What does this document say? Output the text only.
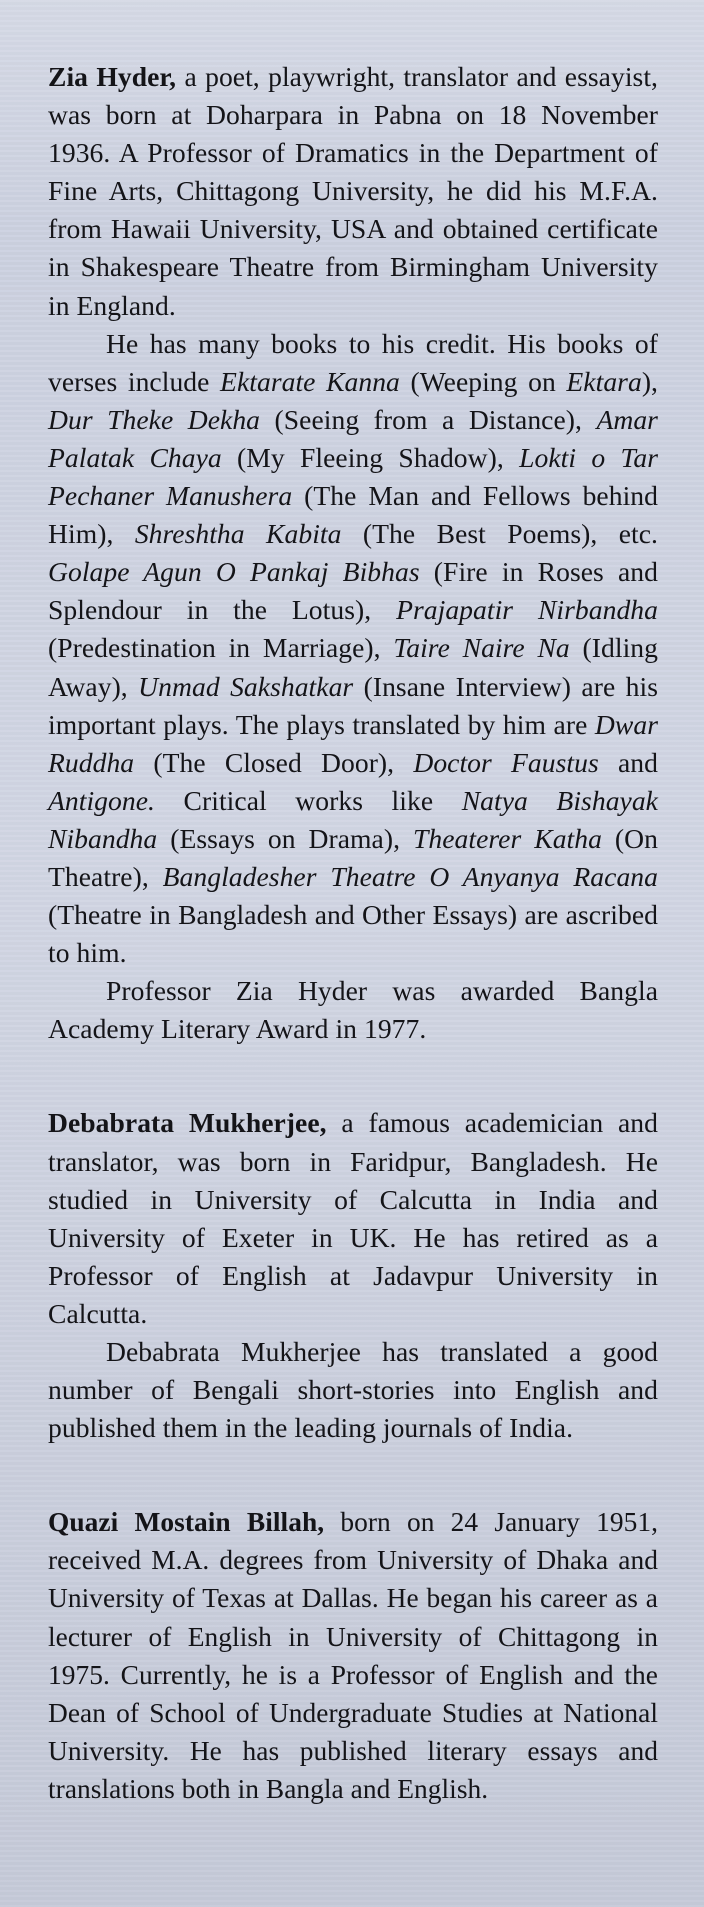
Zia Hyder, a poet, playwright, translator and essayist, was born at Doharpara in Pabna on 18 November 1936. A Professor of Dramatics in the Department of Fine Arts, Chittagong University, he did his M.F.A. from Hawaii University, USA and obtained certificate in Shakespeare Theatre from Birmingham University in England.

He has many books to his credit. His books of verses include Ektarate Kanna (Weeping on Ektara), Dur Theke Dekha (Seeing from a Distance), Amar Palatak Chaya (My Fleeing Shadow), Lokti o Tar Pechaner Manushera (The Man and Fellows behind Him), Shreshtha Kabita (The Best Poems), etc. Golape Agun O Pankaj Bibhas (Fire in Roses and Splendour in the Lotus), Prajapatir Nirbandha (Predestination in Marriage), Taire Naire Na (Idling Away), Unmad Sakshatkar (Insane Interview) are his important plays. The plays translated by him are Dwar Ruddha (The Closed Door), Doctor Faustus and Antigone. Critical works like Natya Bishayak Nibandha (Essays on Drama), Theaterer Katha (On Theatre), Bangladesher Theatre O Anyanya Racana (Theatre in Bangladesh and Other Essays) are ascribed to him.

Professor Zia Hyder was awarded Bangla Academy Literary Award in 1977.

Debabrata Mukherjee, a famous academician and translator, was born in Faridpur, Bangladesh. He studied in University of Calcutta in India and University of Exeter in UK. He has retired as a Professor of English at Jadavpur University in Calcutta.

Debabrata Mukherjee has translated a good number of Bengali short-stories into English and published them in the leading journals of India.

Quazi Mostain Billah, born on 24 January 1951, received M.A. degrees from University of Dhaka and University of Texas at Dallas. He began his career as a lecturer of English in University of Chittagong in 1975. Currently, he is a Professor of English and the Dean of School of Undergraduate Studies at National University. He has published literary essays and translations both in Bangla and English.
